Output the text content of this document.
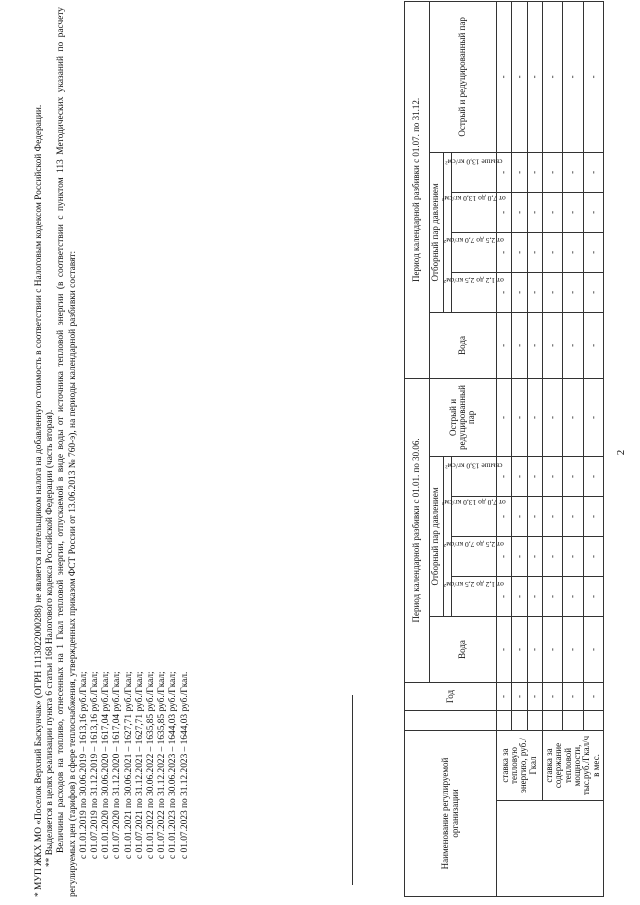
2
Наименование регулируемой организации			Год	Период календарной разбивки с 01.01. по 30.06.						Период календарной разбивки с 01.07. по 31.12.					
				Вода	Отборный пар давлением				Острый и редуцированный пар	Вода	Отборный пар давлением				Острый и редуцированный пар

					от 1,2 до 2,5 кг/см²	от 2,5 до 7,0 кг/см²	от 7,0 до 13,0 кг/см²	свыше 13,0 кг/см²			от 1,2 до 2,5 кг/см²	от 2,5 до 7,0 кг/см²	от 7,0 до 13,0 кг/см²	свыше 13,0 кг/см²	
	ставка за тепловую энергию, руб./Гкал		-	-	-	-	-	-	-	-	-	-	-	-	-
			-	-	-	-	-	-	-	-	-	-	-	-	-
			-	-	-	-	-	-	-	-	-	-	-	-	-
	ставка за содержание тепловой мощности, тыс.руб./Гкал/ч в мес.		-	-	-	-	-	-	-	-	-	-	-	-	-
			-	-	-	-	-	-	-	-	-	-	-	-	-
			-	-	-	-	-	-	-	-	-	-	-	-	-

* МУП ЖКХ МО «Поселок Верхний Баскунчак» (ОГРН 1113022000288) не является плательщиком налога на добавленную стоимость в соответствии с Налоговым кодексом Российской Федерации. ** Выделяется в целях реализации пункта 6 статьи 168 Налогового кодекса Российской Федерации (часть вторая). Величины расходов на топливо, отнесенных на 1 Гкал тепловой энергии, отпускаемой в виде воды от источника тепловой энергии (в соответствии с пунктом 113 Методических указаний по расчету регулируемых цен (тарифов) в сфере теплоснабжения, утвержденных приказом ФСТ России от 13.06.2013 № 760-э), на периоды календарной разбивки составят: с 01.01.2019 по 30.06.2019 – 1613,16 руб./Гкал; с 01.07.2019 по 31.12.2019 – 1613,16 руб./Гкал; с 01.01.2020 по 30.06.2020 – 1617,04 руб./Гкал; с 01.07.2020 по 31.12.2020 – 1617,04 руб./Гкал; с 01.01.2021 по 30.06.2021 – 1627,71 руб./Гкал; с 01.07.2021 по 31.12.2021 – 1627,71 руб./Гкал; с 01.01.2022 по 30.06.2022 – 1635,85 руб./Гкал; с 01.07.2022 по 31.12.2022 – 1635,85 руб./Гкал; с 01.01.2023 по 30.06.2023 – 1644,03 руб./Гкал; с 01.07.2023 по 31.12.2023 – 1644,03 руб./Гкал.
